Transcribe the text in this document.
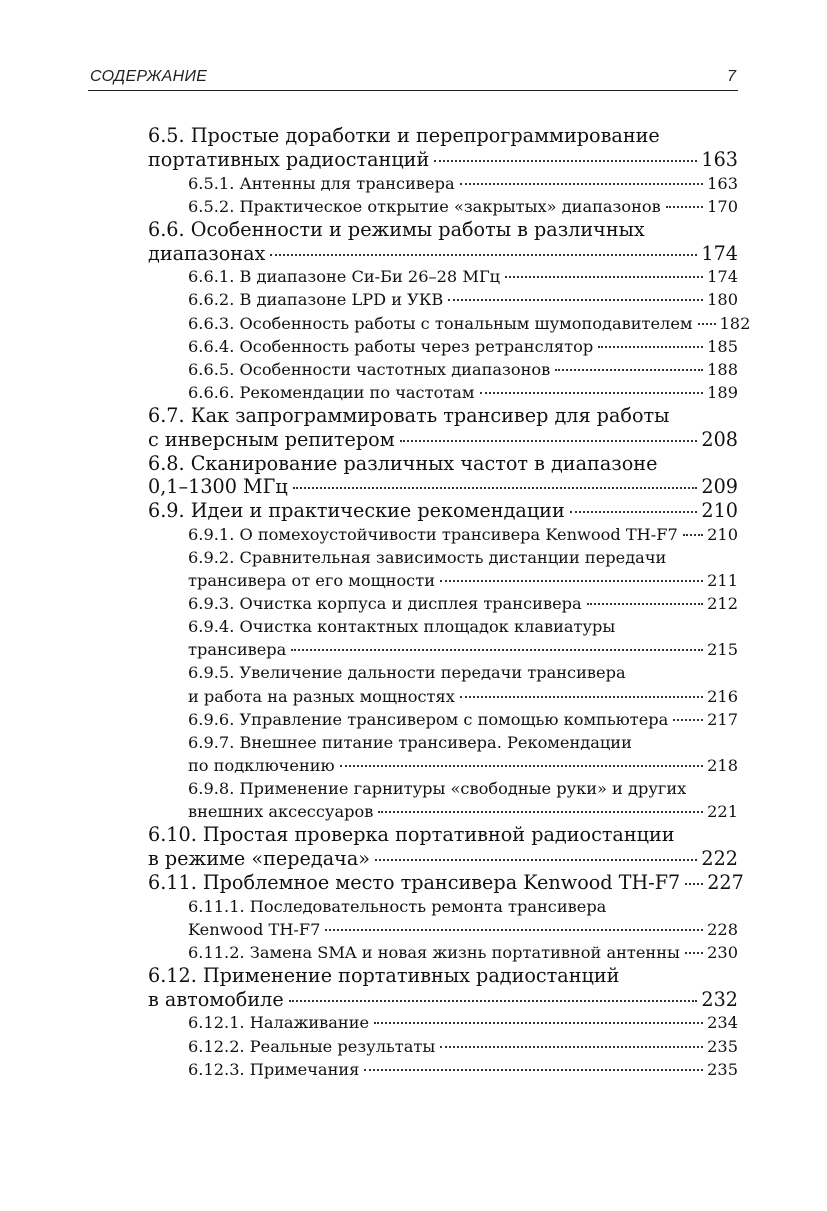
СОДЕРЖАНИЕ	7
6.5. Простые доработки и перепрограммирование
портативных радиостанций	163
6.5.1. Антенны для трансивера	163
6.5.2. Практическое открытие «закрытых» диапазонов	170
6.6. Особенности и режимы работы в различных
диапазонах	174
6.6.1. В диапазоне Си-Би 26–28 МГц	174
6.6.2. В диапазоне LPD и УКВ	180
6.6.3. Особенность работы с тональным шумоподавителем 182
6.6.4. Особенность работы через ретранслятор	185
6.6.5. Особенности частотных диапазонов	188
6.6.6. Рекомендации по частотам	189
6.7. Как запрограммировать трансивер для работы
с инверсным репитером	208
6.8. Сканирование различных частот в диапазоне
0,1–1300 МГц	209
6.9. Идеи и практические рекомендации	210
6.9.1. О помехоустойчивости трансивера Kenwood TH-F7 210
6.9.2. Сравнительная зависимость дистанции передачи
трансивера от его мощности	211
6.9.3. Очистка корпуса и дисплея трансивера	212
6.9.4. Очистка контактных площадок клавиатуры
трансивера	215
6.9.5. Увеличение дальности передачи трансивера
и работа на разных мощностях	216
6.9.6. Управление трансивером с помощью компьютера 217
6.9.7. Внешнее питание трансивера. Рекомендации
по подключению	218
6.9.8. Применение гарнитуры «свободные руки» и других
внешних аксессуаров	221
6.10. Простая проверка портативной радиостанции
в режиме «передача»	222
6.11. Проблемное место трансивера Kenwood TH-F7 227
6.11.1. Последовательность ремонта трансивера
Kenwood TH-F7	228
6.11.2. Замена SMA и новая жизнь портативной антенны 230
6.12. Применение портативных радиостанций
в автомобиле	232
6.12.1. Налаживание	234
6.12.2. Реальные результаты	235
6.12.3. Примечания	235
